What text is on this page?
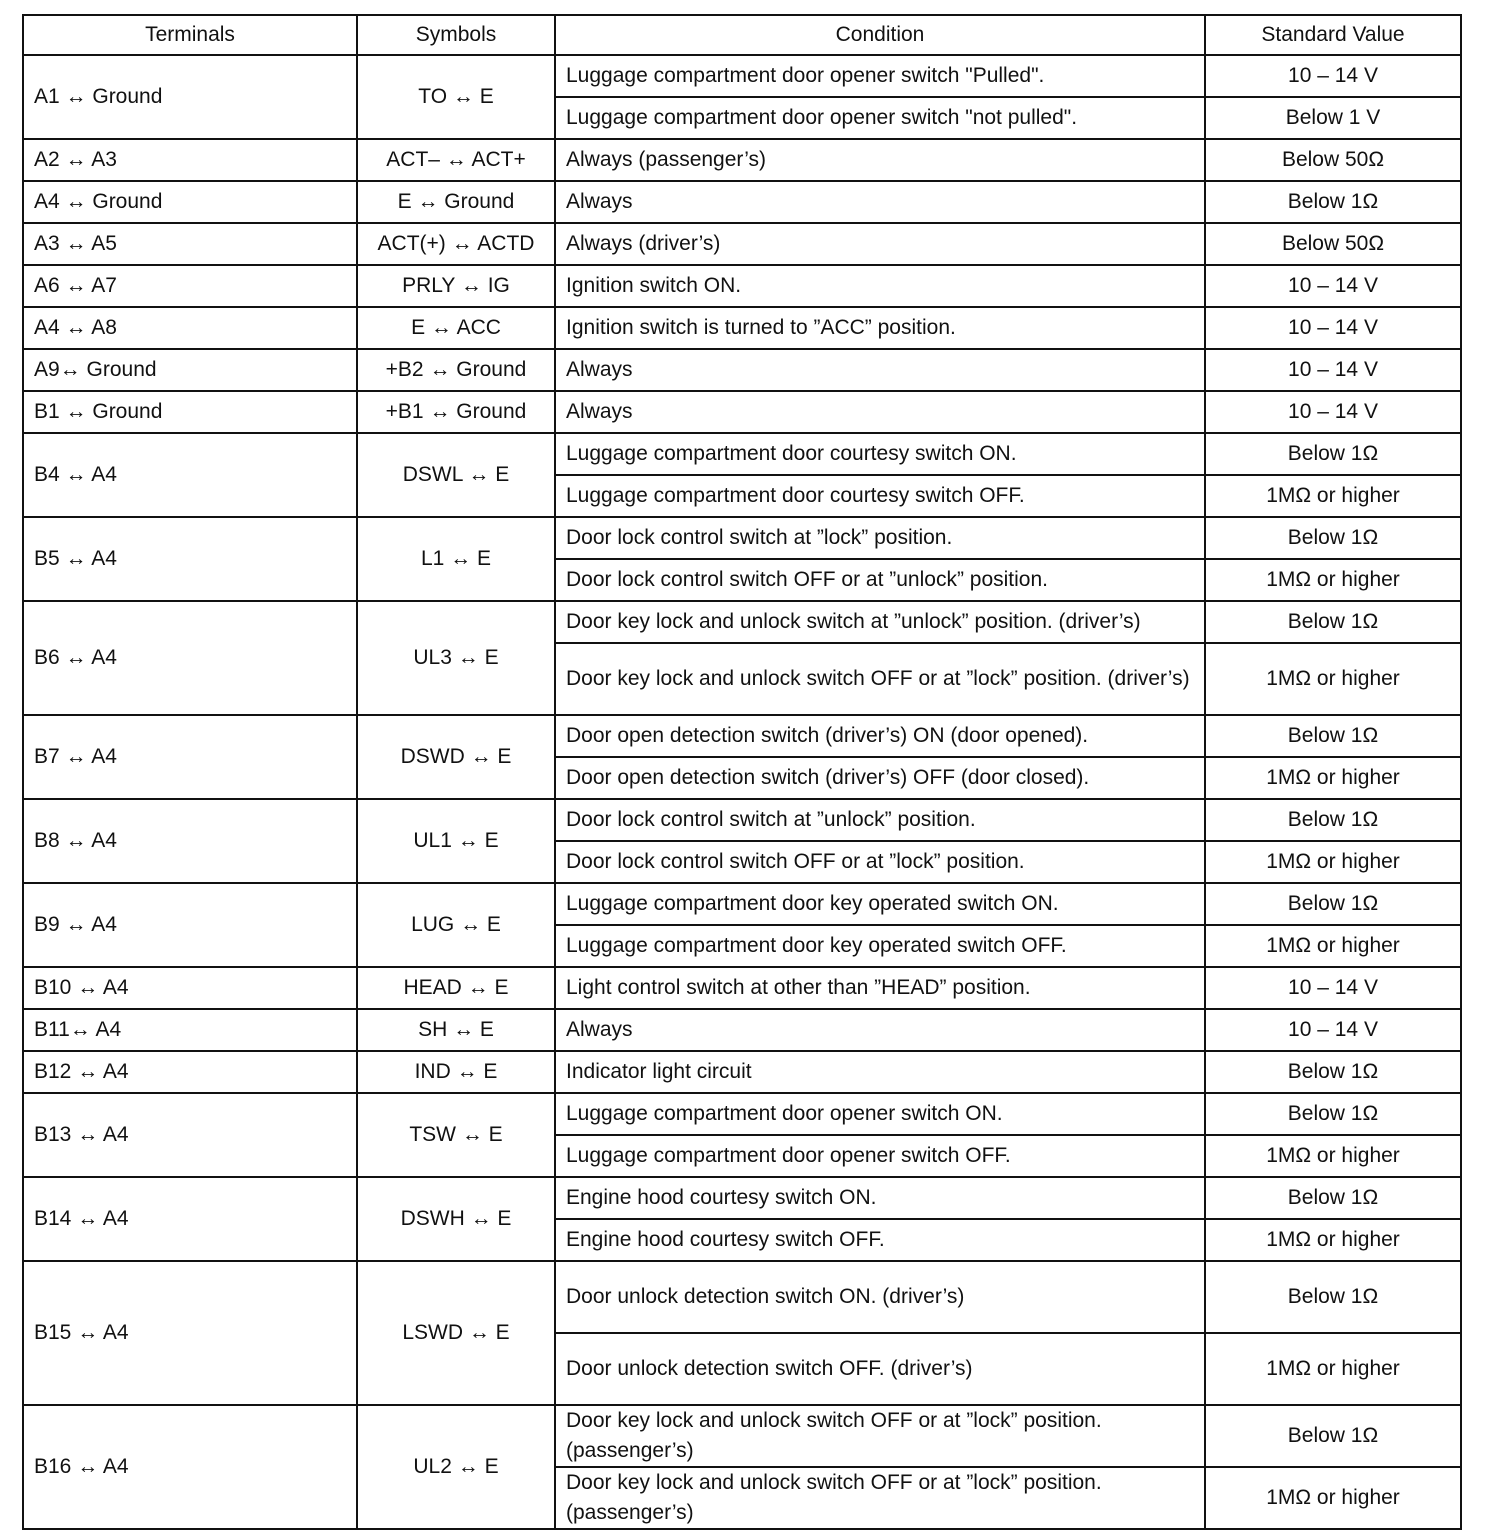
Terminals	Symbols	Condition	Standard Value
A1 ↔ Ground	TO ↔ E	Luggage compartment door opener switch "Pulled".	10 – 14 V
		Luggage compartment door opener switch "not pulled".	Below 1 V
A2 ↔ A3	ACT– ↔ ACT+	Always (passenger’s)	Below 50Ω
A4 ↔ Ground	E ↔ Ground	Always	Below 1Ω
A3 ↔ A5	ACT(+) ↔ ACTD	Always (driver’s)	Below 50Ω
A6 ↔ A7	PRLY ↔ IG	Ignition switch ON.	10 – 14 V
A4 ↔ A8	E ↔ ACC	Ignition switch is turned to ”ACC” position.	10 – 14 V
A9↔ Ground	+B2 ↔ Ground	Always	10 – 14 V
B1 ↔ Ground	+B1 ↔ Ground	Always	10 – 14 V
B4 ↔ A4	DSWL ↔ E	Luggage compartment door courtesy switch ON.	Below 1Ω
		Luggage compartment door courtesy switch OFF.	1MΩ or higher
B5 ↔ A4	L1 ↔ E	Door lock control switch at ”lock” position.	Below 1Ω
		Door lock control switch OFF or at ”unlock” position.	1MΩ or higher
B6 ↔ A4	UL3 ↔ E	Door key lock and unlock switch at ”unlock” position. (driver’s)	Below 1Ω
		Door key lock and unlock switch OFF or at ”lock” position. (driver’s)	1MΩ or higher
B7 ↔ A4	DSWD ↔ E	Door open detection switch (driver’s) ON (door opened).	Below 1Ω
		Door open detection switch (driver’s) OFF (door closed).	1MΩ or higher
B8 ↔ A4	UL1 ↔ E	Door lock control switch at ”unlock” position.	Below 1Ω
		Door lock control switch OFF or at ”lock” position.	1MΩ or higher
B9 ↔ A4	LUG ↔ E	Luggage compartment door key operated switch ON.	Below 1Ω
		Luggage compartment door key operated switch OFF.	1MΩ or higher
B10 ↔ A4	HEAD ↔ E	Light control switch at other than ”HEAD” position.	10 – 14 V
B11↔ A4	SH ↔ E	Always	10 – 14 V
B12 ↔ A4	IND ↔ E	Indicator light circuit	Below 1Ω
B13 ↔ A4	TSW ↔ E	Luggage compartment door opener switch ON.	Below 1Ω
		Luggage compartment door opener switch OFF.	1MΩ or higher
B14 ↔ A4	DSWH ↔ E	Engine hood courtesy switch ON.	Below 1Ω
		Engine hood courtesy switch OFF.	1MΩ or higher
B15 ↔ A4	LSWD ↔ E	Door unlock detection switch ON. (driver’s)	Below 1Ω
		Door unlock detection switch OFF. (driver’s)	1MΩ or higher
B16 ↔ A4	UL2 ↔ E	Door key lock and unlock switch OFF or at ”lock” position. (passenger’s)	Below 1Ω
		Door key lock and unlock switch OFF or at ”lock” position. (passenger’s)	1MΩ or higher
